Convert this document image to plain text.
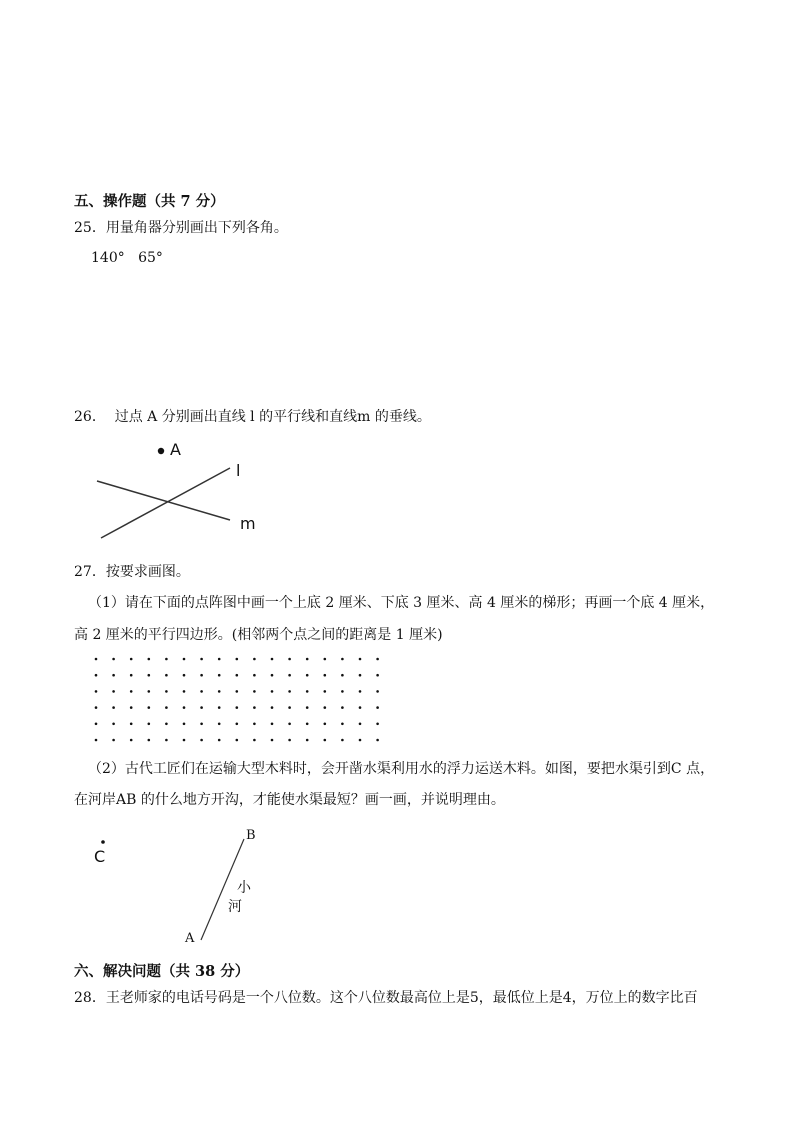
五、操作题（共 7 分）
25．用量角器分别画出下列各角。
140°   65°
26．  过点 A 分别画出直线 l 的平行线和直线m 的垂线。
A
l
m
27．按要求画图。
（1）请在下面的点阵图中画一个上底 2 厘米、下底 3 厘米、高 4 厘米的梯形；再画一个底 4 厘米，
高 2 厘米的平行四边形。(相邻两个点之间的距离是 1 厘米)
（2）古代工匠们在运输大型木料时，会开凿水渠利用水的浮力运送木料。如图，要把水渠引到C 点，
在河岸AB 的什么地方开沟，才能使水渠最短？画一画，并说明理由。
C
B
A
小
河
六、解决问题（共 38 分）
28．王老师家的电话号码是一个八位数。这个八位数最高位上是5，最低位上是4，万位上的数字比百
